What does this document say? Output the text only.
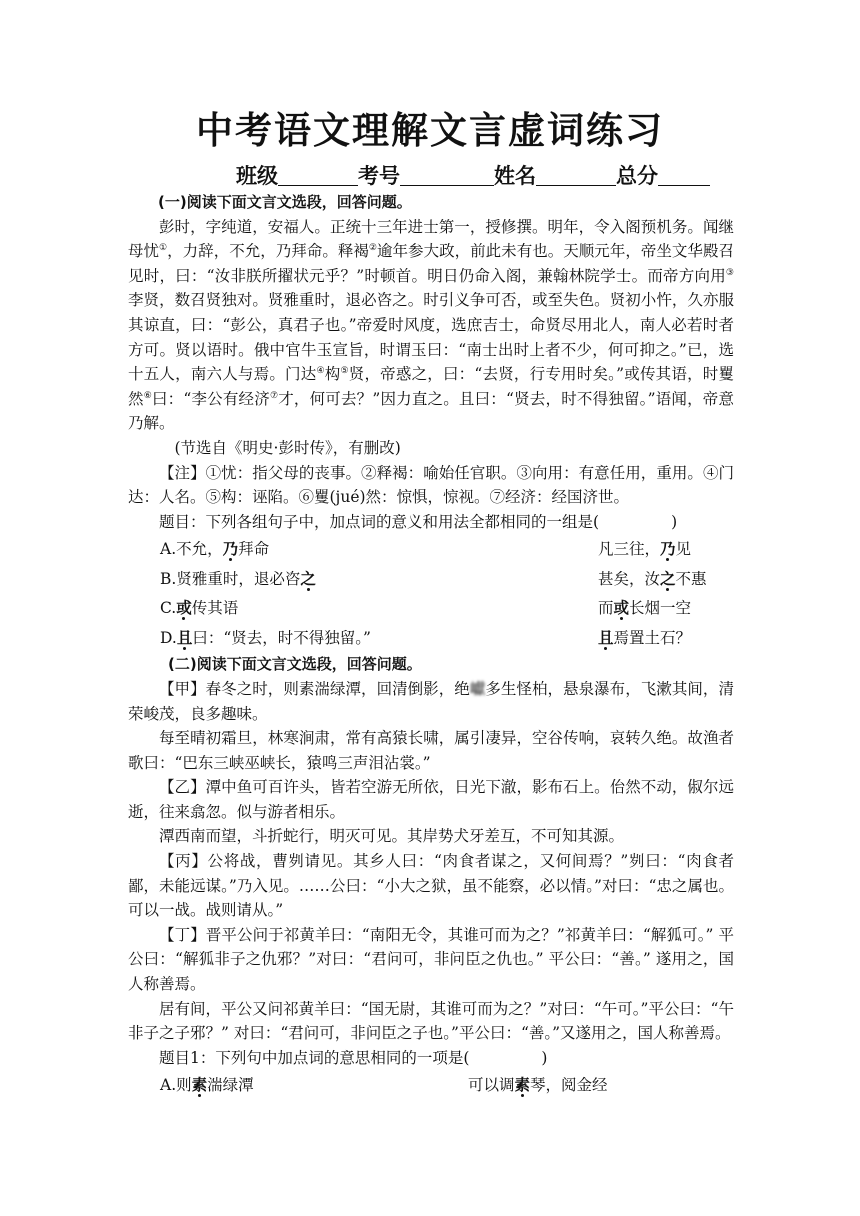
中考语文理解文言虚词练习
班级	考号	姓名	总分

(一)阅读下面文言文选段，回答问题。

彭时，字纯道，安福人。正统十三年进士第一，授修撰。明年，令入阁预机务。闻继母忧①，力辞，不允，乃拜命。释褐②逾年参大政，前此未有也。天顺元年，帝坐文华殿召见时，曰：“汝非朕所擢状元乎？”时顿首。明日仍命入阁，兼翰林院学士。而帝方向用③李贤，数召贤独对。贤雅重时，退必咨之。时引义争可否，或至失色。贤初小忤，久亦服其谅直，曰：“彭公，真君子也。”帝爱时风度，选庶吉士，命贤尽用北人，南人必若时者方可。贤以语时。俄中官牛玉宣旨，时谓玉曰：“南士出时上者不少，何可抑之。”已，选十五人，南六人与焉。门达④构⑤贤，帝惑之，曰：“去贤，行专用时矣。”或传其语，时矍然⑥曰：“李公有经济⑦才，何可去？”因力直之。且曰：“贤去，时不得独留。”语闻，帝意乃解。

(节选自《明史·彭时传》，有删改)

【注】①忧：指父母的丧事。②释褐：喻始任官职。③向用：有意任用，重用。④门达：人名。⑤构：诬陷。⑥矍(jué)然：惊惧，惊视。⑦经济：经国济世。

题目：下列各组句子中，加点词的意义和用法全都相同的一组是(	)

A.不允，乃拜命	凡三往，乃见
B.贤雅重时，退必咨之	甚矣，汝之不惠
C.或传其语	而或长烟一空
D.且曰：“贤去，时不得独留。”	且焉置土石？

(二)阅读下面文言文选段，回答问题。

【甲】春冬之时，则素湍绿潭，回清倒影，绝巘多生怪柏，悬泉瀑布，飞漱其间，清荣峻茂，良多趣味。

每至晴初霜旦，林寒涧肃，常有高猿长啸，属引凄异，空谷传响，哀转久绝。故渔者歌曰：“巴东三峡巫峡长，猿鸣三声泪沾裳。”

【乙】潭中鱼可百许头，皆若空游无所依，日光下澈，影布石上。佁然不动，俶尔远逝，往来翕忽。似与游者相乐。

潭西南而望，斗折蛇行，明灭可见。其岸势犬牙差互，不可知其源。

【丙】公将战，曹刿请见。其乡人曰：“肉食者谋之，又何间焉？”刿曰：“肉食者鄙，未能远谋。”乃入见。……公曰：“小大之狱，虽不能察，必以情。”对曰：“忠之属也。可以一战。战则请从。”

【丁】晋平公问于祁黄羊曰：“南阳无令，其谁可而为之？”祁黄羊曰：“解狐可。” 平公曰：“解狐非子之仇邪？”对曰：“君问可，非问臣之仇也。” 平公曰：“善。” 遂用之，国人称善焉。

居有间，平公又问祁黄羊曰：“国无尉，其谁可而为之？”对曰：“午可。”平公曰：“午非子之子邪？” 对曰：“君问可，非问臣之子也。”平公曰：“善。”又遂用之，国人称善焉。

题目1：下列句中加点词的意思相同的一项是(	)

A.则素湍绿潭	可以调素琴，阅金经
